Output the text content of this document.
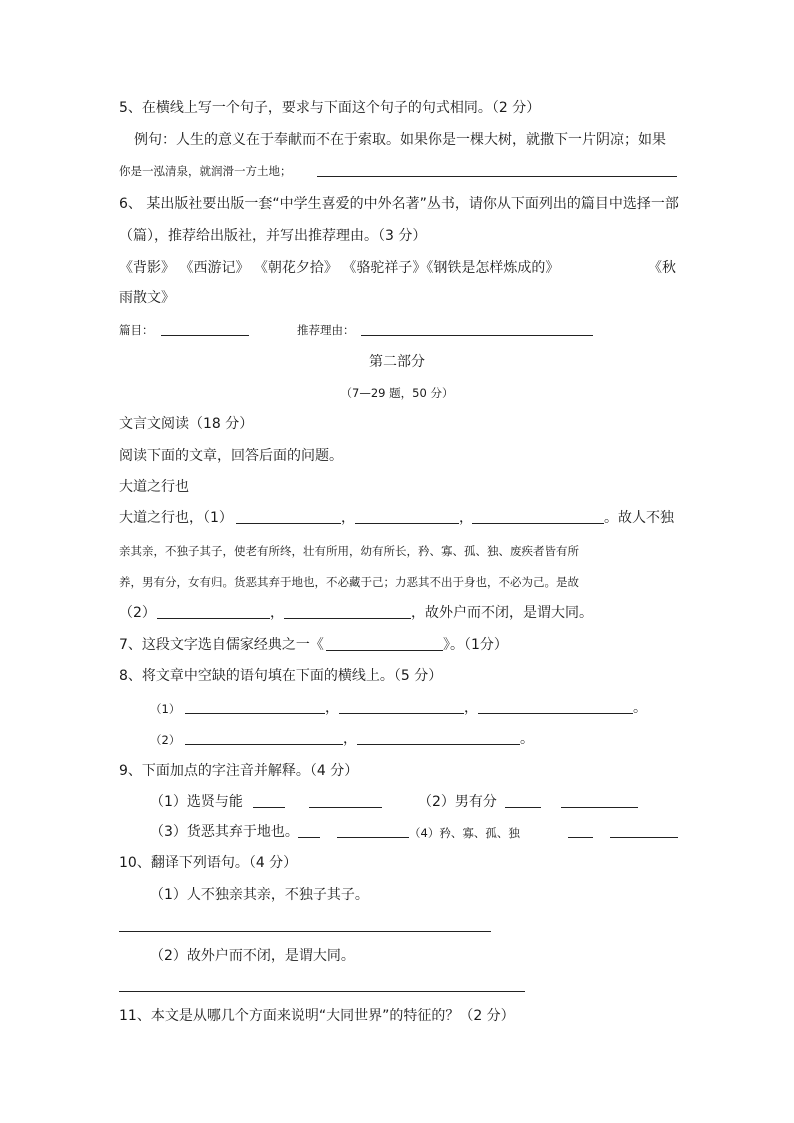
5、在横线上写一个句子，要求与下面这个句子的句式相同。（2 分）
例句：人生的意义在于奉献而不在于索取。如果你是一棵大树，就撒下一片阴凉；如果
你是一泓清泉，就润滑一方土地；
6、 某出版社要出版一套“中学生喜爱的中外名著”丛书，请你从下面列出的篇目中选择一部
（篇），推荐给出版社，并写出推荐理由。（3 分）
《背影》 《西游记》 《朝花夕拾》 《骆驼祥子》《钢铁是怎样炼成的》	《秋
雨散文》
篇目：	推荐理由：
第二部分
（7—29 题，50 分）
文言文阅读（18 分）
阅读下面的文章，回答后面的问题。
大道之行也
大道之行也，（1）	，	，	。故人不独
亲其亲，不独子其子，使老有所终，壮有所用，幼有所长，矜、寡、孤、独、废疾者皆有所
养，男有分，女有归。货恶其弃于地也，不必藏于己；力恶其不出于身也，不必为己。是故
（2）	，	，故外户而不闭，是谓大同。
7、这段文字选自儒家经典之一《	》。（1分）
8、将文章中空缺的语句填在下面的横线上。（5 分）
（1）	，	，	。
（2）	，	。
9、下面加点的字注音并解释。（4 分）
（1）选贤与能	（2）男有分
（3）货恶其弃于地也。	（4）矜、寡、孤、独
10、翻译下列语句。（4 分）
（1）人不独亲其亲，不独子其子。
（2）故外户而不闭，是谓大同。
11、本文是从哪几个方面来说明“大同世界”的特征的？（2 分）
